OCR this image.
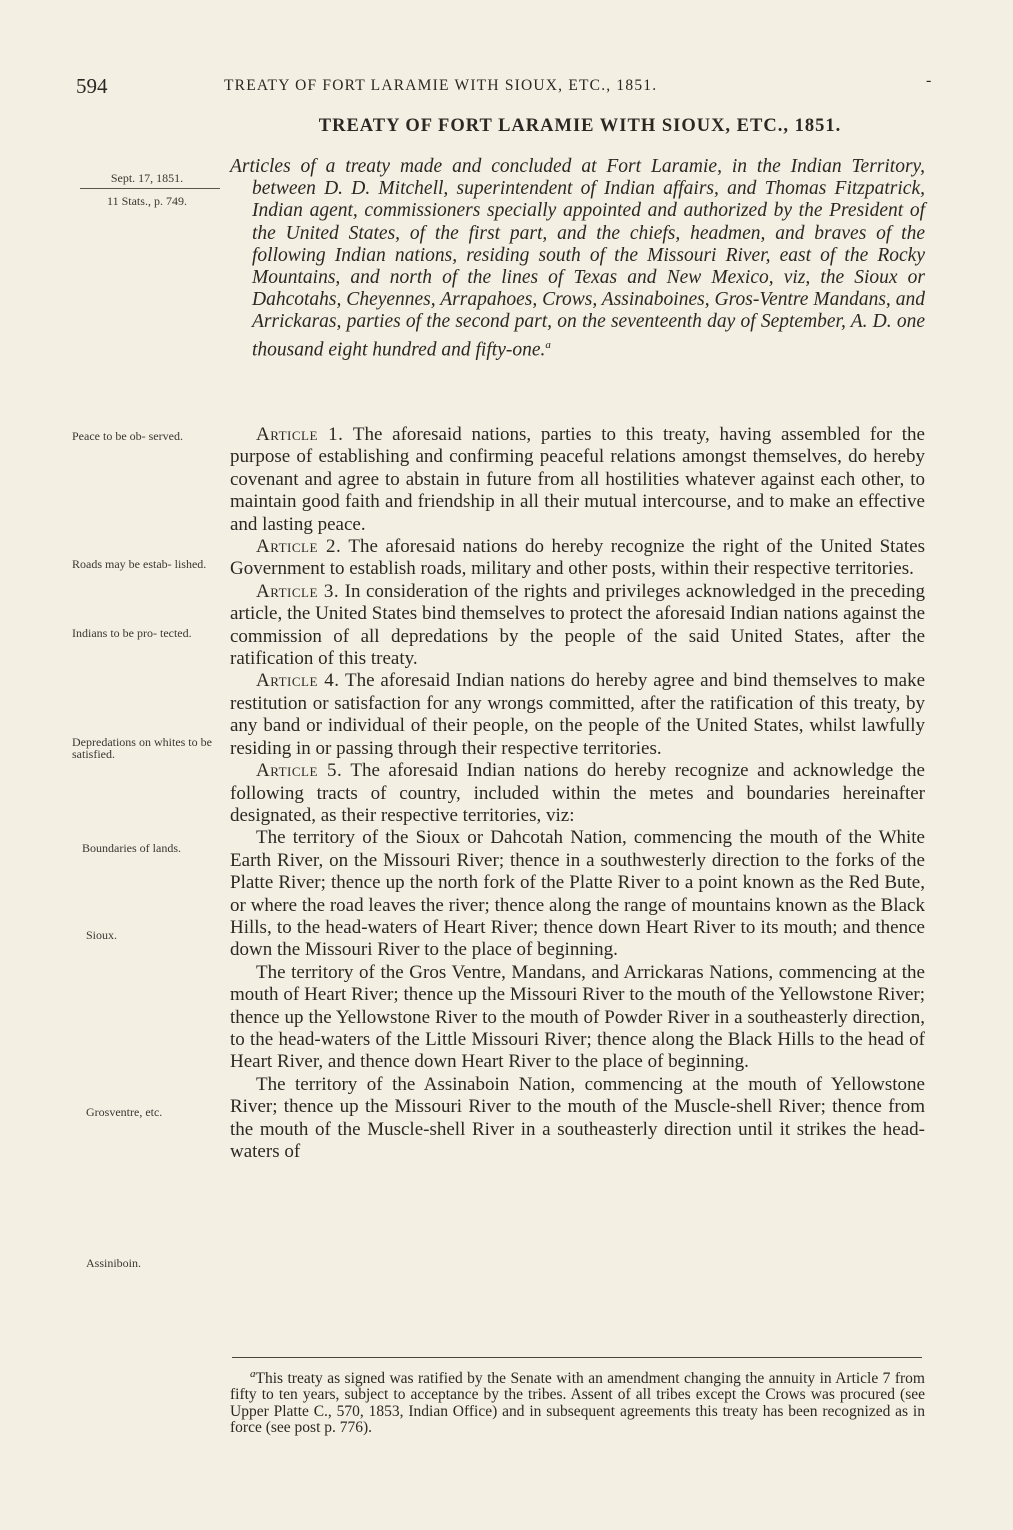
594	TREATY OF FORT LARAMIE WITH SIOUX, ETC., 1851.	-
TREATY OF FORT LARAMIE WITH SIOUX, ETC., 1851.
Sept. 17, 1851.
11 Stats., p. 749.
Peace to be ob- served.
Roads may be estab- lished.
Indians to be pro- tected.
Depredations on whites to be satisfied.
Boundaries of lands.
Sioux.
Grosventre, etc.
Assiniboin.
Articles of a treaty made and concluded at Fort Laramie, in the Indian Territory, between D. D. Mitchell, superintendent of Indian affairs, and Thomas Fitzpatrick, Indian agent, commissioners specially appointed and authorized by the President of the United States, of the first part, and the chiefs, headmen, and braves of the following Indian nations, residing south of the Missouri River, east of the Rocky Mountains, and north of the lines of Texas and New Mexico, viz, the Sioux or Dahcotahs, Cheyennes, Arrapahoes, Crows, Assinaboines, Gros-Ventre Mandans, and Arrickaras, parties of the second part, on the seventeenth day of September, A. D. one thousand eight hundred and fifty-one.$^a$

Article 1. The aforesaid nations, parties to this treaty, having assembled for the purpose of establishing and confirming peaceful relations amongst themselves, do hereby covenant and agree to abstain in future from all hostilities whatever against each other, to maintain good faith and friendship in all their mutual intercourse, and to make an effective and lasting peace.

Article 2. The aforesaid nations do hereby recognize the right of the United States Government to establish roads, military and other posts, within their respective territories.

Article 3. In consideration of the rights and privileges acknowledged in the preceding article, the United States bind themselves to protect the aforesaid Indian nations against the commission of all depredations by the people of the said United States, after the ratification of this treaty.

Article 4. The aforesaid Indian nations do hereby agree and bind themselves to make restitution or satisfaction for any wrongs committed, after the ratification of this treaty, by any band or individual of their people, on the people of the United States, whilst lawfully residing in or passing through their respective territories.

Article 5. The aforesaid Indian nations do hereby recognize and acknowledge the following tracts of country, included within the metes and boundaries hereinafter designated, as their respective territories, viz:

The territory of the Sioux or Dahcotah Nation, commencing the mouth of the White Earth River, on the Missouri River; thence in a southwesterly direction to the forks of the Platte River; thence up the north fork of the Platte River to a point known as the Red Bute, or where the road leaves the river; thence along the range of mountains known as the Black Hills, to the head-waters of Heart River; thence down Heart River to its mouth; and thence down the Missouri River to the place of beginning.

The territory of the Gros Ventre, Mandans, and Arrickaras Nations, commencing at the mouth of Heart River; thence up the Missouri River to the mouth of the Yellowstone River; thence up the Yellowstone River to the mouth of Powder River in a southeasterly direction, to the head-waters of the Little Missouri River; thence along the Black Hills to the head of Heart River, and thence down Heart River to the place of beginning.

The territory of the Assinaboin Nation, commencing at the mouth of Yellowstone River; thence up the Missouri River to the mouth of the Muscle-shell River; thence from the mouth of the Muscle-shell River in a southeasterly direction until it strikes the head-waters of

$^a$This treaty as signed was ratified by the Senate with an amendment changing the annuity in Article 7 from fifty to ten years, subject to acceptance by the tribes. Assent of all tribes except the Crows was procured (see Upper Platte C., 570, 1853, Indian Office) and in subsequent agreements this treaty has been recognized as in force (see post p. 776).
